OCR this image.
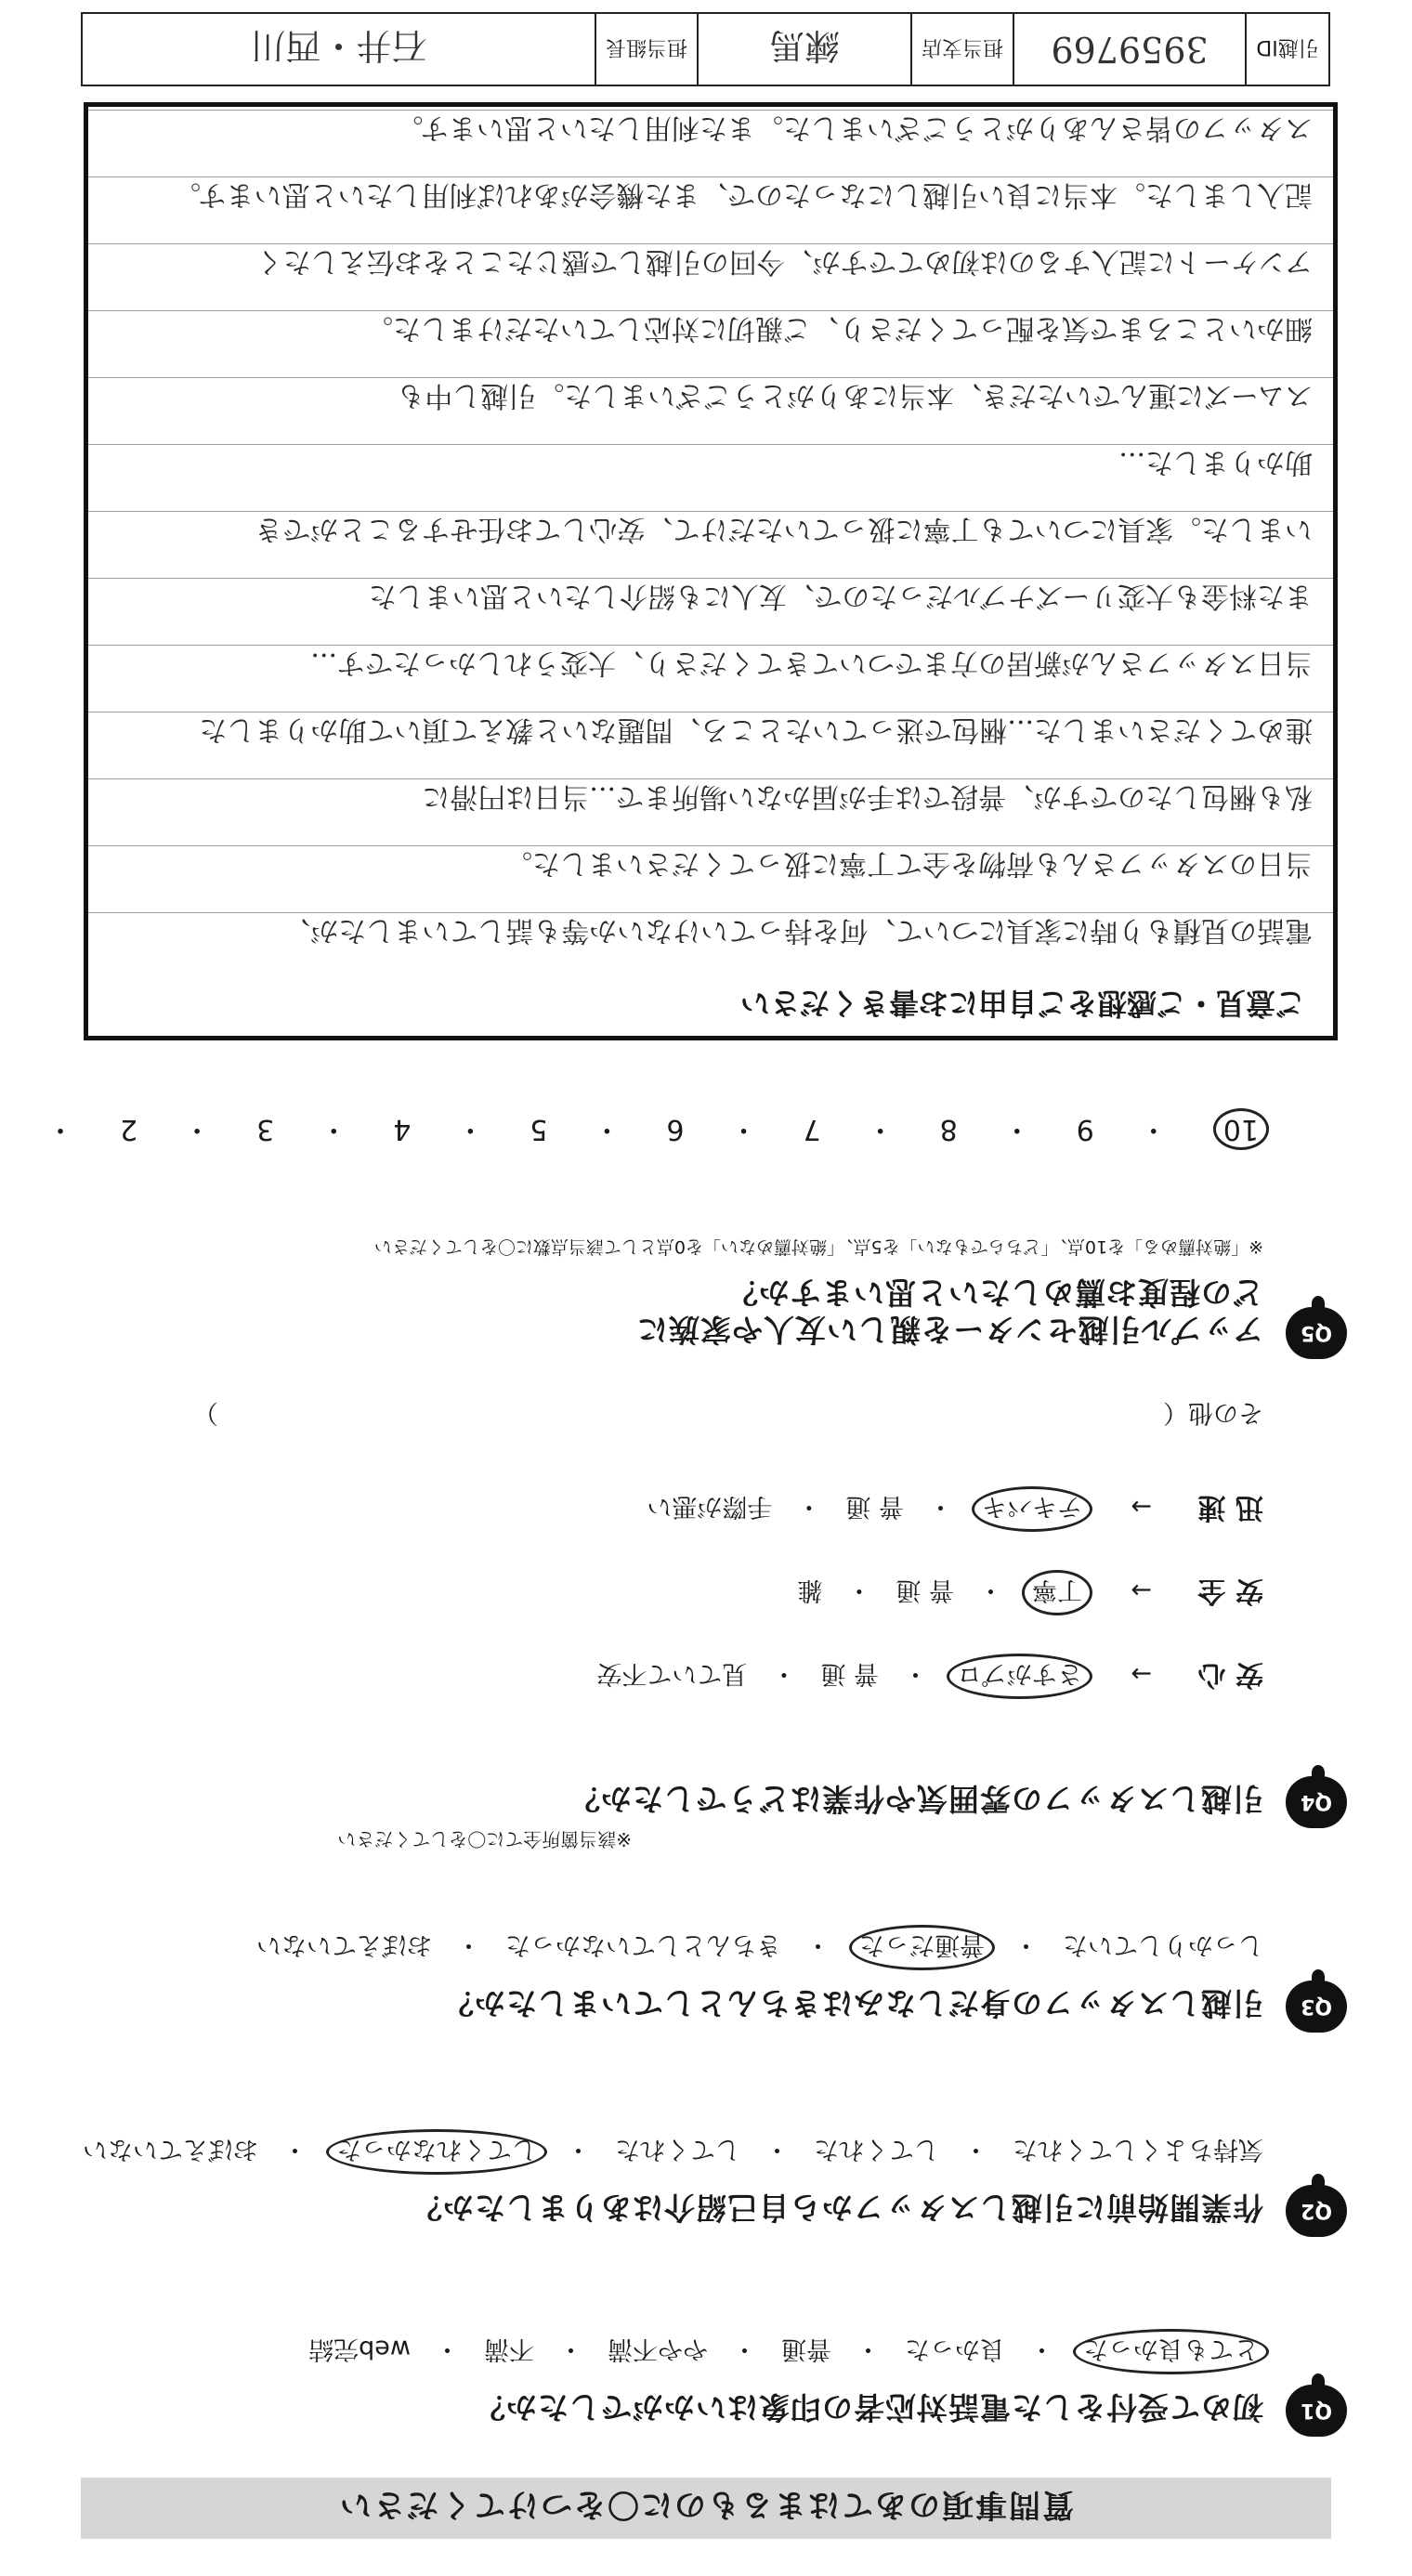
質問事項のあてはまるものに〇をつけてください
Q1
初めて受付をした電話対応者の印象はいかがでしたか？
とても良かった・良かった・普通・やや不満・不満・web完結
Q2
作業開始前に引越しスタッフから自己紹介はありましたか？
気持ちよくしてくれた・してくれた・してくれた・してくれなかった・おぼえていない
Q3
引越しスタッフの身だしなみはきちんとしていましたか？
しっかりしていた・普通だった・きちんとしていなかった・おぼえていない
Q4
引越しスタッフの雰囲気や作業はどうでしたか？
※該当箇所全てに〇をしてください
安 心→さすがプロ・普 通・見ていて不安
安 全→丁寧・普 通・雑
迅 速→テキパキ・普 通・手際が悪い
その他（  ）
Q5
アップル引越センターを親しい友人や家族に
どの程度お薦めしたいと思いますか？
※「絶対薦める」を10点、「どちらでもない」を5点、「絶対薦めない」を0点として該当点数に〇をしてください
10・9・8・7・6・5・4・3・2・
ご意見・ご感想をご自由にお書きください
電話の見積もり時に家具について、何を持っていけないか等も話していましたが、
当日のスタッフさんも荷物を全て丁寧に扱ってくださいました。
私も梱包したのですが、普段では手が届かない場所まで...当日は円滑に
進めてくださいました...梱包で迷っていたところ、問題ないと教えて頂いて助かりました
当日スタッフさんが新居の方までついてきてくださり、大変うれしかったです...
また料金も大変リーズナブルだったので、友人にも紹介したいと思いました
いました。家具についても丁寧に扱っていただけて、安心してお任せすることができ
助かりました...
スムーズに運んでいただき、本当にありがとうございました。引越し中も
細かいところまで気を配ってくださり、ご親切に対応していただけました。
アンケートに記入するのは初めてですが、今回の引越しで感じたことをお伝えしたく
記入しました。本当に良い引越しになったので、また機会があれば利用したいと思います。
スタッフの皆さんありがとうございました。また利用したいと思います。
引越ID
3959769
担当支店
練馬
担当組長
石井・西川
